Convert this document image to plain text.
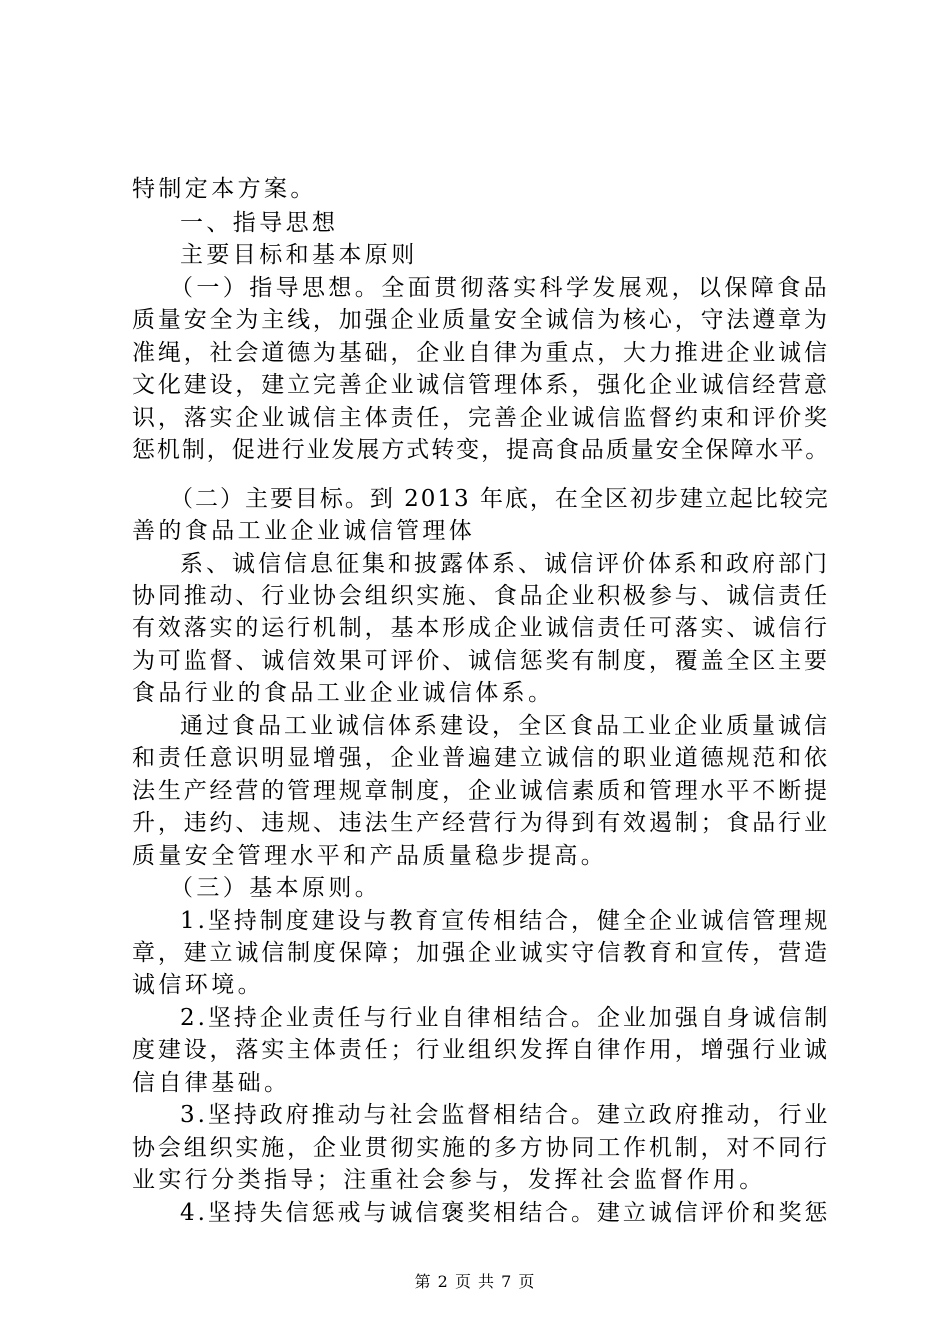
特制定本方案。
一、指导思想
主要目标和基本原则
（一）指导思想。全面贯彻落实科学发展观，以保障食品
质量安全为主线，加强企业质量安全诚信为核心，守法遵章为
准绳，社会道德为基础，企业自律为重点，大力推进企业诚信
文化建设，建立完善企业诚信管理体系，强化企业诚信经营意
识，落实企业诚信主体责任，完善企业诚信监督约束和评价奖
惩机制，促进行业发展方式转变，提高食品质量安全保障水平。
（二）主要目标。到 2013 年底，在全区初步建立起比较完
善的食品工业企业诚信管理体
系、诚信信息征集和披露体系、诚信评价体系和政府部门
协同推动、行业协会组织实施、食品企业积极参与、诚信责任
有效落实的运行机制，基本形成企业诚信责任可落实、诚信行
为可监督、诚信效果可评价、诚信惩奖有制度，覆盖全区主要
食品行业的食品工业企业诚信体系。
通过食品工业诚信体系建设，全区食品工业企业质量诚信
和责任意识明显增强，企业普遍建立诚信的职业道德规范和依
法生产经营的管理规章制度，企业诚信素质和管理水平不断提
升，违约、违规、违法生产经营行为得到有效遏制；食品行业
质量安全管理水平和产品质量稳步提高。
（三）基本原则。
1.坚持制度建设与教育宣传相结合，健全企业诚信管理规
章，建立诚信制度保障；加强企业诚实守信教育和宣传，营造
诚信环境。
2.坚持企业责任与行业自律相结合。企业加强自身诚信制
度建设，落实主体责任；行业组织发挥自律作用，增强行业诚
信自律基础。
3.坚持政府推动与社会监督相结合。建立政府推动，行业
协会组织实施，企业贯彻实施的多方协同工作机制，对不同行
业实行分类指导；注重社会参与，发挥社会监督作用。
4.坚持失信惩戒与诚信褒奖相结合。建立诚信评价和奖惩
第 2 页 共 7 页
